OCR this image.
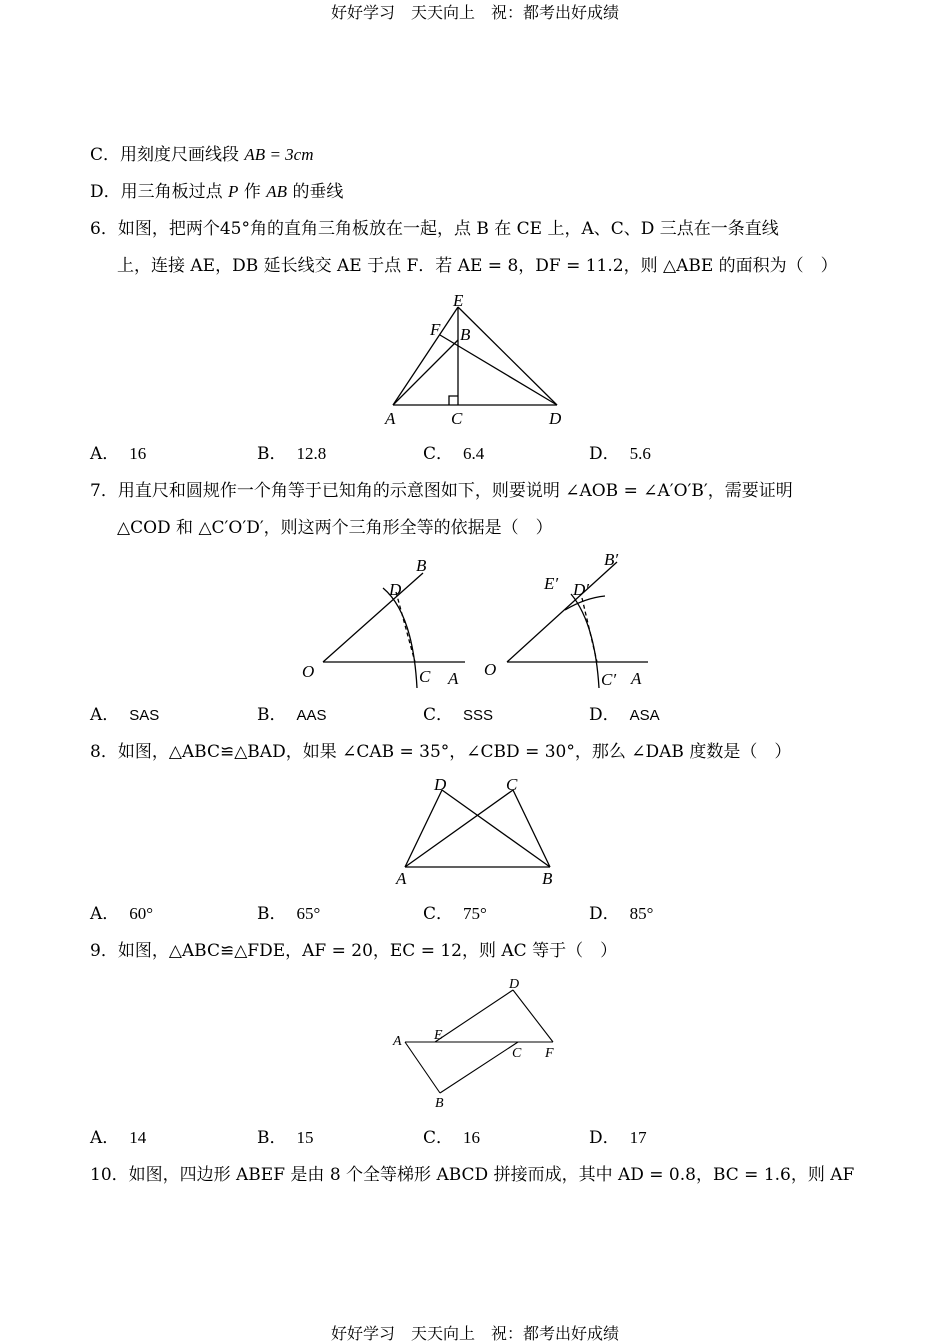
好好学习　天天向上　祝：都考出好成绩
C．用刻度尺画线段 AB = 3cm
D．用三角板过点 P 作 AB 的垂线
6．如图，把两个45°角的直角三角板放在一起，点 B 在 CE 上，A、C、D 三点在一条直线
上，连接 AE，DB 延长线交 AE 于点 F．若 AE = 8，DF = 11.2，则 △ABE 的面积为（　）
E
F B
A	C	D
A． 16	B． 12.8	C． 6.4	D． 5.6
7．用直尺和圆规作一个角等于已知角的示意图如下，则要说明 ∠AOB = ∠A′O′B′，需要证明
△COD 和 △C′O′D′，则这两个三角形全等的依据是（　）
B
D
O	C A
B′
E′ D′
O
C′ A
A． SAS	B． AAS	C． SSS	D． ASA
8．如图，△ABC≌△BAD，如果 ∠CAB = 35°，∠CBD = 30°，那么 ∠DAB 度数是（　）
D	C
A	B
A． 60°	B． 65°	C． 75°	D． 85°
9．如图，△ABC≌△FDE，AF = 20，EC = 12，则 AC 等于（　）
D
A E
C F
B
A． 14	B． 15	C． 16	D． 17
10．如图，四边形 ABEF 是由 8 个全等梯形 ABCD 拼接而成，其中 AD = 0.8，BC = 1.6，则 AF
好好学习　天天向上　祝：都考出好成绩
